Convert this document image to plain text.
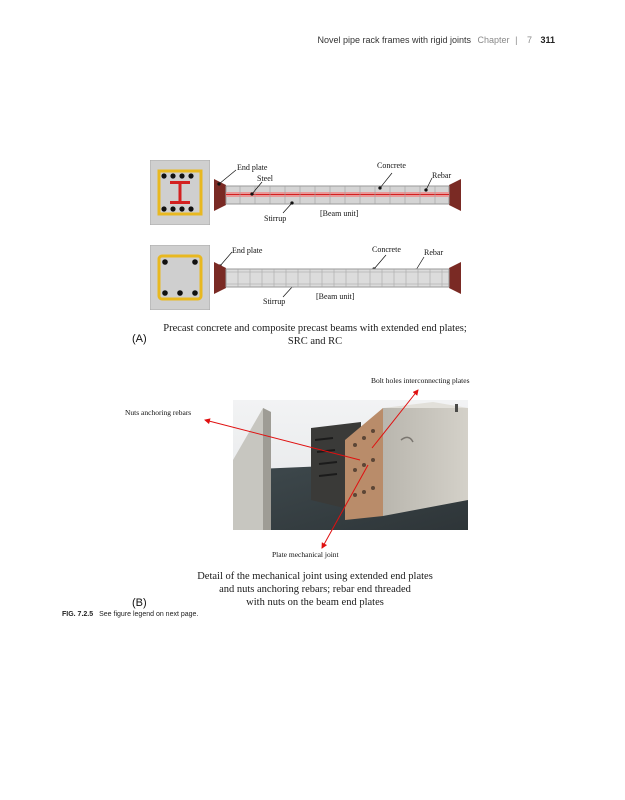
Novel pipe rack frames with rigid joints Chapter | 7 311
End plate
Steel
Concrete
Rebar
Stirrup
[Beam unit]
End plate	Concrete	Rebar
Stirrup
[Beam unit]
Precast concrete and composite precast beams with extended end plates;
SRC and RC
(A)
Bolt holes interconnecting plates
Nuts anchoring rebars
Plate mechanical joint
Detail of the mechanical joint using extended end plates
and nuts anchoring rebars; rebar end threaded
with nuts on the beam end plates
(B)
FIG. 7.2.5 See figure legend on next page.
